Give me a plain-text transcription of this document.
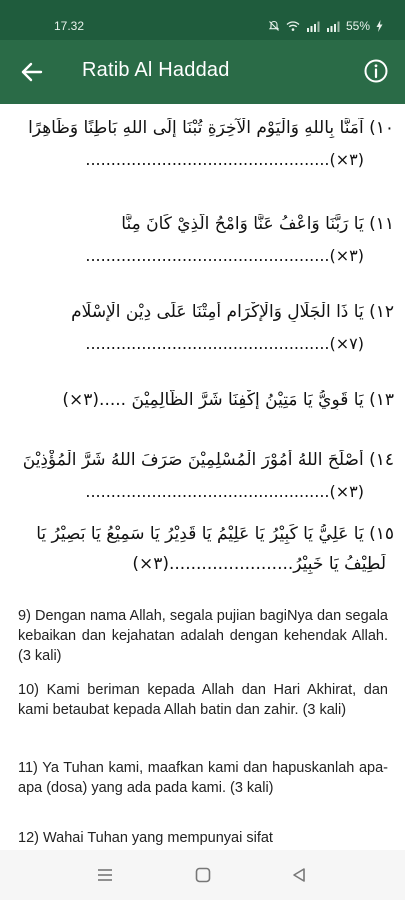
17.32	55%
Ratib Al Haddad
١٠) آمَنَّا بِاللهِ وَالْيَوْمِ الْآخِرَةِ تُبْنَا إِلَى اللهِ بَاطِنًا وَظَاهِرًا
(٣×)................................................
١١) يَا رَبَّنَا وَاعْفُ عَنَّا وَامْحُ الَّذِيْ كَانَ مِنَّا
(٣×)................................................
١٢) يَا ذَا الْجَلَالِ وَالْإِكْرَامِ أَمِتْنَا عَلَى دِيْنِ الْإِسْلَامِ
(٧×)................................................
١٣) يَا قَوِيُّ يَا مَتِيْنُ إِكْفِنَا شَرَّ الظَّالِمِيْنَ .....(٣×)
١٤) أَصْلَحَ اللهُ أُمُوْرَ الْمُسْلِمِيْنَ صَرَفَ اللهُ شَرَّ الْمُؤْذِيْنَ
(٣×)................................................
١٥) يَا عَلِيُّ يَا كَبِيْرُ يَا عَلِيْمُ يَا قَدِيْرُ يَا سَمِيْعُ يَا بَصِيْرُ يَا
لَطِيْفُ يَا خَبِيْرُ.......................(٣×)
9) Dengan nama Allah, segala pujian bagiNya dan segala kebaikan dan kejahatan adalah dengan kehendak Allah. (3 kali)
10) Kami beriman kepada Allah dan Hari Akhirat, dan kami betaubat kepada Allah batin dan zahir. (3 kali)
11) Ya Tuhan kami, maafkan kami dan hapuskanlah apa-apa (dosa) yang ada pada kami. (3 kali)
12) Wahai Tuhan yang mempunyai sifat
